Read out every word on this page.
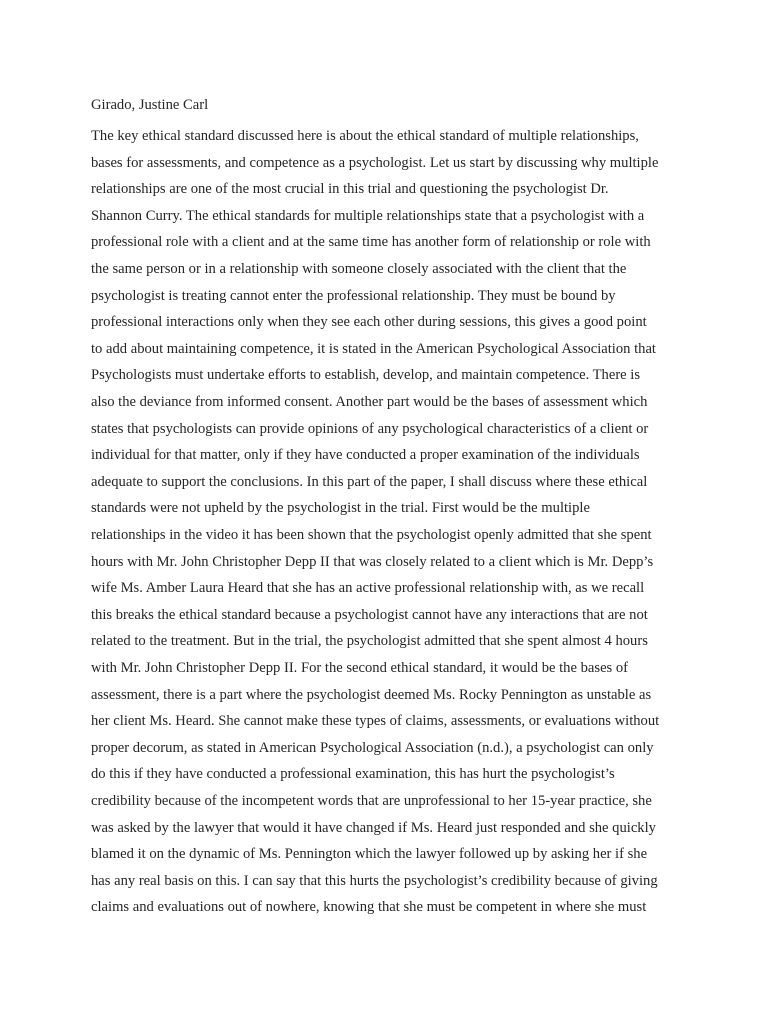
Girado, Justine Carl
The key ethical standard discussed here is about the ethical standard of multiple relationships,
bases for assessments, and competence as a psychologist. Let us start by discussing why multiple
relationships are one of the most crucial in this trial and questioning the psychologist Dr.
Shannon Curry. The ethical standards for multiple relationships state that a psychologist with a
professional role with a client and at the same time has another form of relationship or role with
the same person or in a relationship with someone closely associated with the client that the
psychologist is treating cannot enter the professional relationship. They must be bound by
professional interactions only when they see each other during sessions, this gives a good point
to add about maintaining competence, it is stated in the American Psychological Association that
Psychologists must undertake efforts to establish, develop, and maintain competence. There is
also the deviance from informed consent. Another part would be the bases of assessment which
states that psychologists can provide opinions of any psychological characteristics of a client or
individual for that matter, only if they have conducted a proper examination of the individuals
adequate to support the conclusions. In this part of the paper, I shall discuss where these ethical
standards were not upheld by the psychologist in the trial. First would be the multiple
relationships in the video it has been shown that the psychologist openly admitted that she spent
hours with Mr. John Christopher Depp II that was closely related to a client which is Mr. Depp’s
wife Ms. Amber Laura Heard that she has an active professional relationship with, as we recall
this breaks the ethical standard because a psychologist cannot have any interactions that are not
related to the treatment. But in the trial, the psychologist admitted that she spent almost 4 hours
with Mr. John Christopher Depp II. For the second ethical standard, it would be the bases of
assessment, there is a part where the psychologist deemed Ms. Rocky Pennington as unstable as
her client Ms. Heard. She cannot make these types of claims, assessments, or evaluations without
proper decorum, as stated in American Psychological Association (n.d.), a psychologist can only
do this if they have conducted a professional examination, this has hurt the psychologist’s
credibility because of the incompetent words that are unprofessional to her 15-year practice, she
was asked by the lawyer that would it have changed if Ms. Heard just responded and she quickly
blamed it on the dynamic of Ms. Pennington which the lawyer followed up by asking her if she
has any real basis on this. I can say that this hurts the psychologist’s credibility because of giving
claims and evaluations out of nowhere, knowing that she must be competent in where she must
